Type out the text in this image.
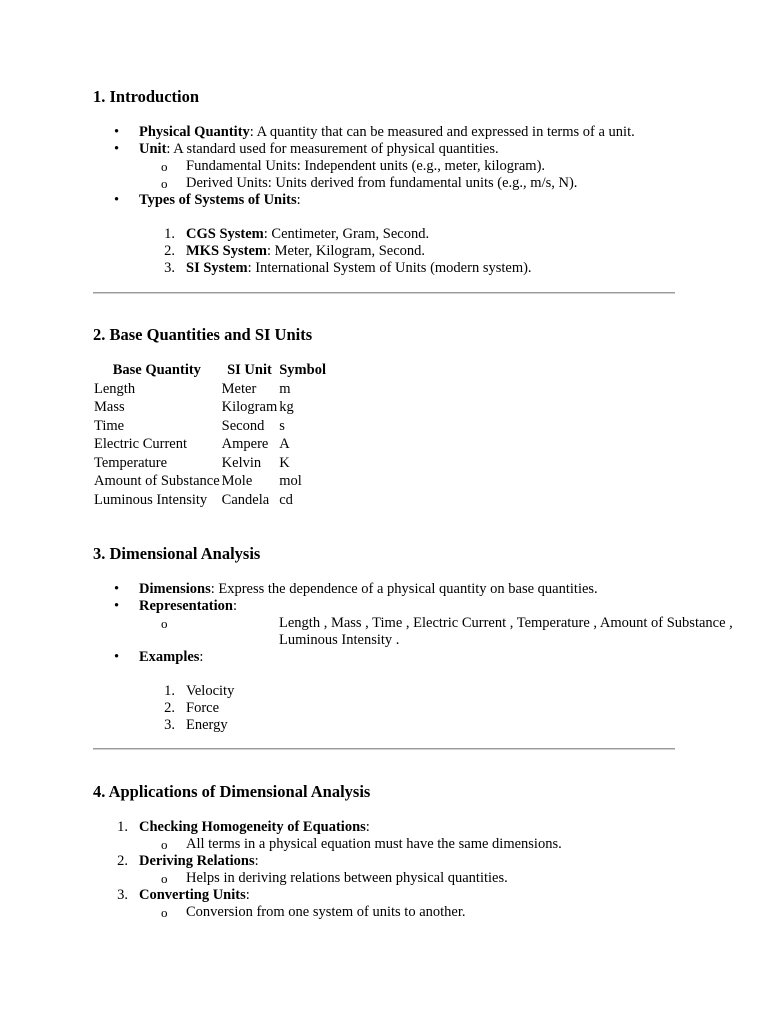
1. Introduction
• Physical Quantity: A quantity that can be measured and expressed in terms of a unit.
• Unit: A standard used for measurement of physical quantities.
o Fundamental Units: Independent units (e.g., meter, kilogram).
o Derived Units: Units derived from fundamental units (e.g., m/s, N).
• Types of Systems of Units:
1. CGS System: Centimeter, Gram, Second.
2. MKS System: Meter, Kilogram, Second.
3. SI System: International System of Units (modern system).
2. Base Quantities and SI Units
Base Quantity	SI Unit	Symbol
Length	Meter	m
Mass	Kilogram	kg
Time	Second	s
Electric Current	Ampere	A
Temperature	Kelvin	K
Amount of Substance	Mole	mol
Luminous Intensity	Candela	cd
3. Dimensional Analysis
• Dimensions: Express the dependence of a physical quantity on base quantities.
• Representation:
o	Length , Mass , Time , Electric Current , Temperature , Amount of Substance , Luminous Intensity .
• Examples:
1. Velocity
2. Force
3. Energy
4. Applications of Dimensional Analysis
1. Checking Homogeneity of Equations:
o All terms in a physical equation must have the same dimensions.
2. Deriving Relations:
o Helps in deriving relations between physical quantities.
3. Converting Units:
o Conversion from one system of units to another.
